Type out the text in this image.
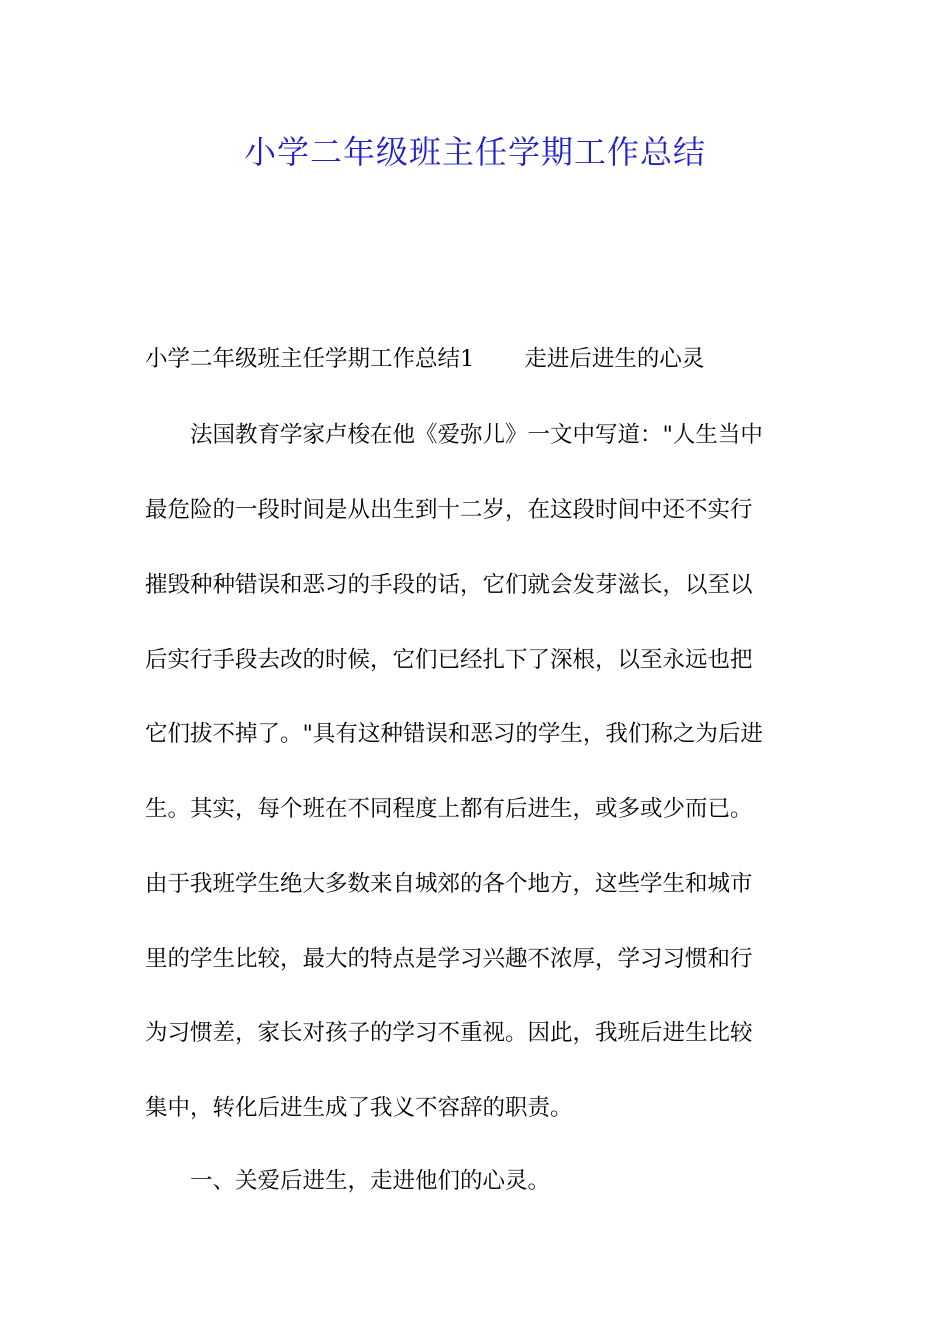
小学二年级班主任学期工作总结
小学二年级班主任学期工作总结1 走进后进生的心灵
　　法国教育学家卢梭在他《爱弥儿》一文中写道："人生当中
最危险的一段时间是从出生到十二岁，在这段时间中还不实行
摧毁种种错误和恶习的手段的话，它们就会发芽滋长，以至以
后实行手段去改的时候，它们已经扎下了深根，以至永远也把
它们拔不掉了。"具有这种错误和恶习的学生，我们称之为后进
生。其实，每个班在不同程度上都有后进生，或多或少而已。
由于我班学生绝大多数来自城郊的各个地方，这些学生和城市
里的学生比较，最大的特点是学习兴趣不浓厚，学习习惯和行
为习惯差，家长对孩子的学习不重视。因此，我班后进生比较
集中，转化后进生成了我义不容辞的职责。
　　一、关爱后进生，走进他们的心灵。
